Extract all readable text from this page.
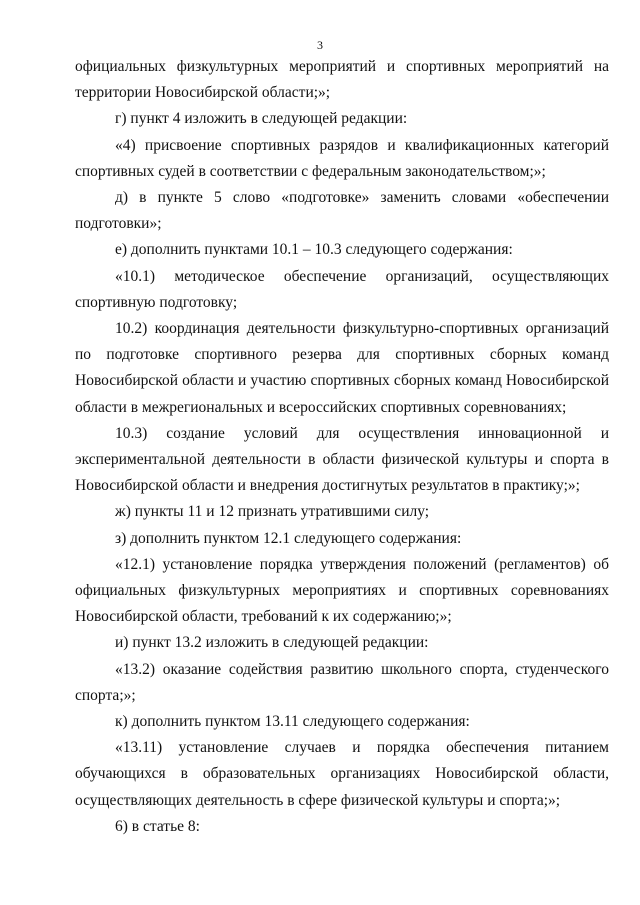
3

официальных физкультурных мероприятий и спортивных мероприятий на территории Новосибирской области;»;

г) пункт 4 изложить в следующей редакции:

«4) присвоение спортивных разрядов и квалификационных категорий спортивных судей в соответствии с федеральным законодательством;»;

д) в пункте 5 слово «подготовке» заменить словами «обеспечении подготовки»;

е) дополнить пунктами 10.1 – 10.3 следующего содержания:

«10.1) методическое обеспечение организаций, осуществляющих спортивную подготовку;

10.2) координация деятельности физкультурно-спортивных организаций по подготовке спортивного резерва для спортивных сборных команд Новосибирской области и участию спортивных сборных команд Новосибирской области в межрегиональных и всероссийских спортивных соревнованиях;

10.3) создание условий для осуществления инновационной и экспериментальной деятельности в области физической культуры и спорта в Новосибирской области и внедрения достигнутых результатов в практику;»;

ж) пункты 11 и 12 признать утратившими силу;

з) дополнить пунктом 12.1 следующего содержания:

«12.1) установление порядка утверждения положений (регламентов) об официальных физкультурных мероприятиях и спортивных соревнованиях Новосибирской области, требований к их содержанию;»;

и) пункт 13.2 изложить в следующей редакции:

«13.2) оказание содействия развитию школьного спорта, студенческого спорта;»;

к) дополнить пунктом 13.11 следующего содержания:

«13.11) установление случаев и порядка обеспечения питанием обучающихся в образовательных организациях Новосибирской области, осуществляющих деятельность в сфере физической культуры и спорта;»;

6) в статье 8:
